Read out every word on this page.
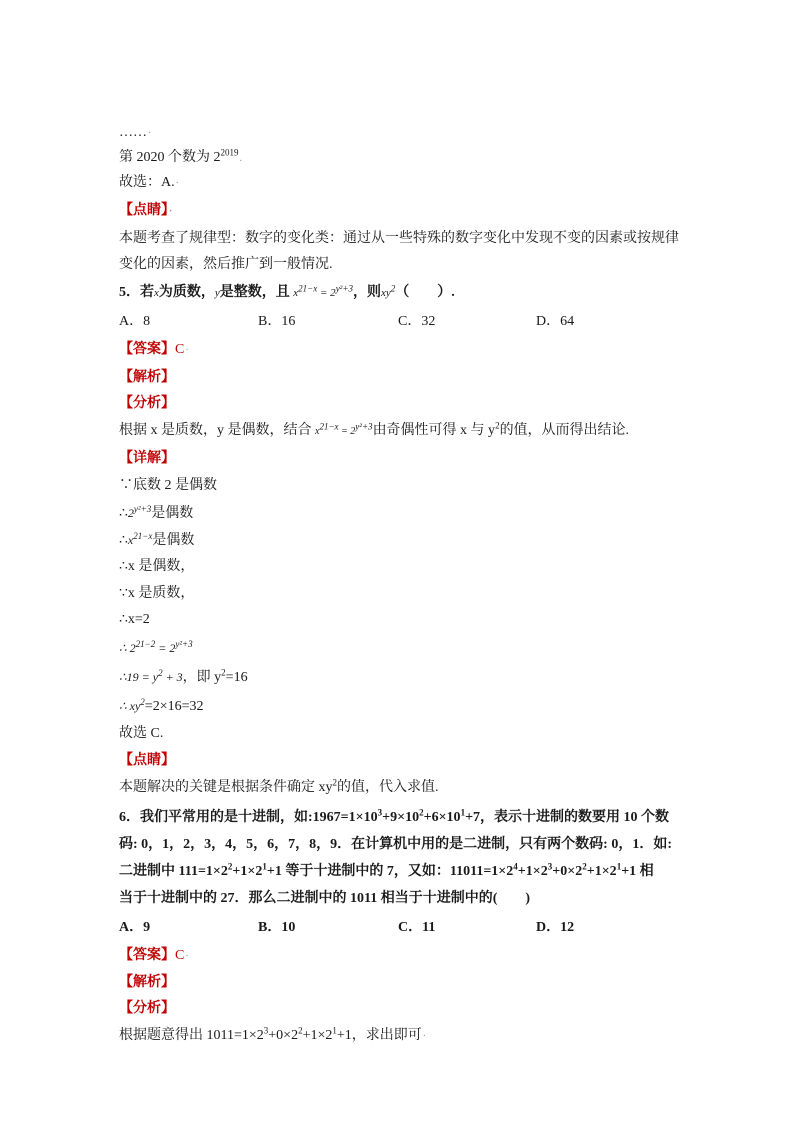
……·
第 2020 个数为 $2^{2019}$.
故选：A.·
【点睛】·
本题考查了规律型：数字的变化类：通过从一些特殊的数字变化中发现不变的因素或按规律
变化的因素，然后推广到一般情况.
5．若x为质数，y是整数，且 $x^{21-x} = 2^{y^2+3}$，则$xy^2$（　　）.
A．8	B．16	C．32	D．64
【答案】C·
【解析】
【分析】
根据 x 是质数，y 是偶数，结合 $x^{21-x} = 2^{y^2+3}$由奇偶性可得 x 与 $y^2$的值，从而得出结论.
【详解】
∵底数 2 是偶数
$\therefore 2^{y^2+3}$是偶数
$\therefore x^{21-x}$是偶数
∴x 是偶数，
∵x 是质数，
∴x=2
∴ $2^{21-2} = 2^{y^2+3}$
∴19 = $y^2 + 3$，即 $y^2=16$
∴ $xy^2=2\times 16=32$
故选 C.
【点睛】
本题解决的关键是根据条件确定 $xy^2$的值，代入求值.
6．我们平常用的是十进制，如$:1967=1\times 10^3+9\times 10^2+6\times 10^1+7$，表示十进制的数要用 10 个数
码: 0，1，2，3，4，5，6，7，8，9．在计算机中用的是二进制，只有两个数码: 0，1．如:
二进制中 $111=1\times 2^2+1\times 2^1+1$ 等于十进制中的 7，又如：$11011=1\times 2^4+1\times 2^3+0\times 2^2+1\times 2^1+1$ 相
当于十进制中的 27．那么二进制中的 1011 相当于十进制中的(　　)
A．9	B．10	C．11	D．12
【答案】C·
【解析】
【分析】
根据题意得出 $1011=1\times 2^3+0\times 2^2+1\times 2^1+1$，求出即可·
